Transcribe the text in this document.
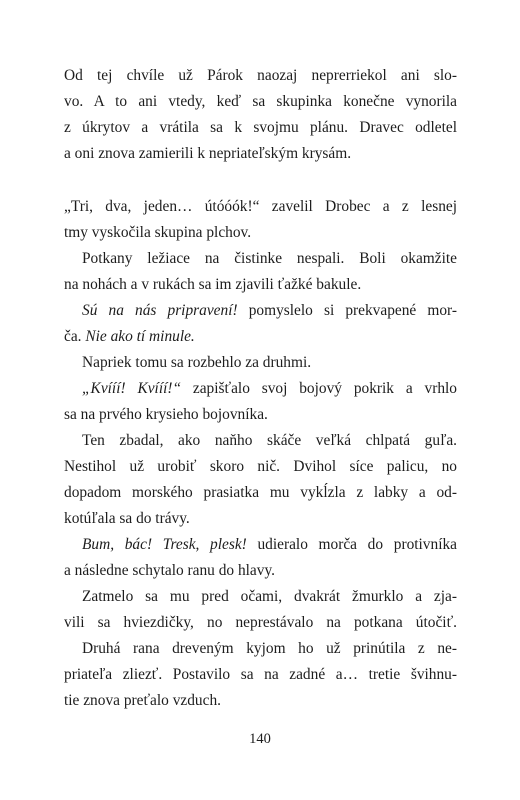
Od tej chvíle už Párok naozaj neprerriekol ani slo-
vo. A to ani vtedy, keď sa skupinka konečne vynorila
z úkrytov a vrátila sa k svojmu plánu. Dravec odletel
a oni znova zamierili k nepriateľským krysám.
„Tri, dva, jeden… útóóók!“ zavelil Drobec a z lesnej
tmy vyskočila skupina plchov.
Potkany ležiace na čistinke nespali. Boli okamžite
na nohách a v rukách sa im zjavili ťažké bakule.
Sú na nás pripravení! pomyslelo si prekvapené mor-
ča. Nie ako tí minule.
Napriek tomu sa rozbehlo za druhmi.
„Kvííí! Kvííí!“ zapišťalo svoj bojový pokrik a vrhlo
sa na prvého krysieho bojovníka.
Ten zbadal, ako naňho skáče veľká chlpatá guľa.
Nestihol už urobiť skoro nič. Dvihol síce palicu, no
dopadom morského prasiatka mu vykĺzla z labky a od-
kotúľala sa do trávy.
Bum, bác! Tresk, plesk! udieralo morča do protivníka
a následne schytalo ranu do hlavy.
Zatmelo sa mu pred očami, dvakrát žmurklo a zja-
vili sa hviezdičky, no neprestávalo na potkana útočiť.
Druhá rana dreveným kyjom ho už prinútila z ne-
priateľa zliezť. Postavilo sa na zadné a… tretie švihnu-
tie znova preťalo vzduch.
140
